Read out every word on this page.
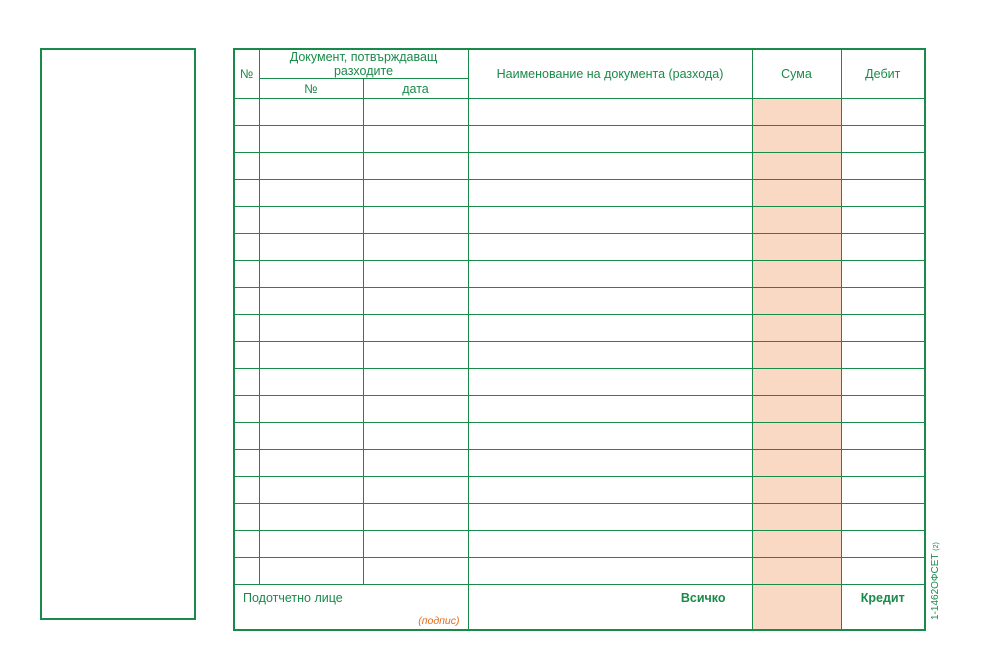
№	Документ, потвърждаващ разходите		Наименование на документа (разхода)	Сума	Дебит
	№	дата			

Подотчетно лице
(подпис)			Всичко		Кредит	1-1462ОФСЕТ (2)
